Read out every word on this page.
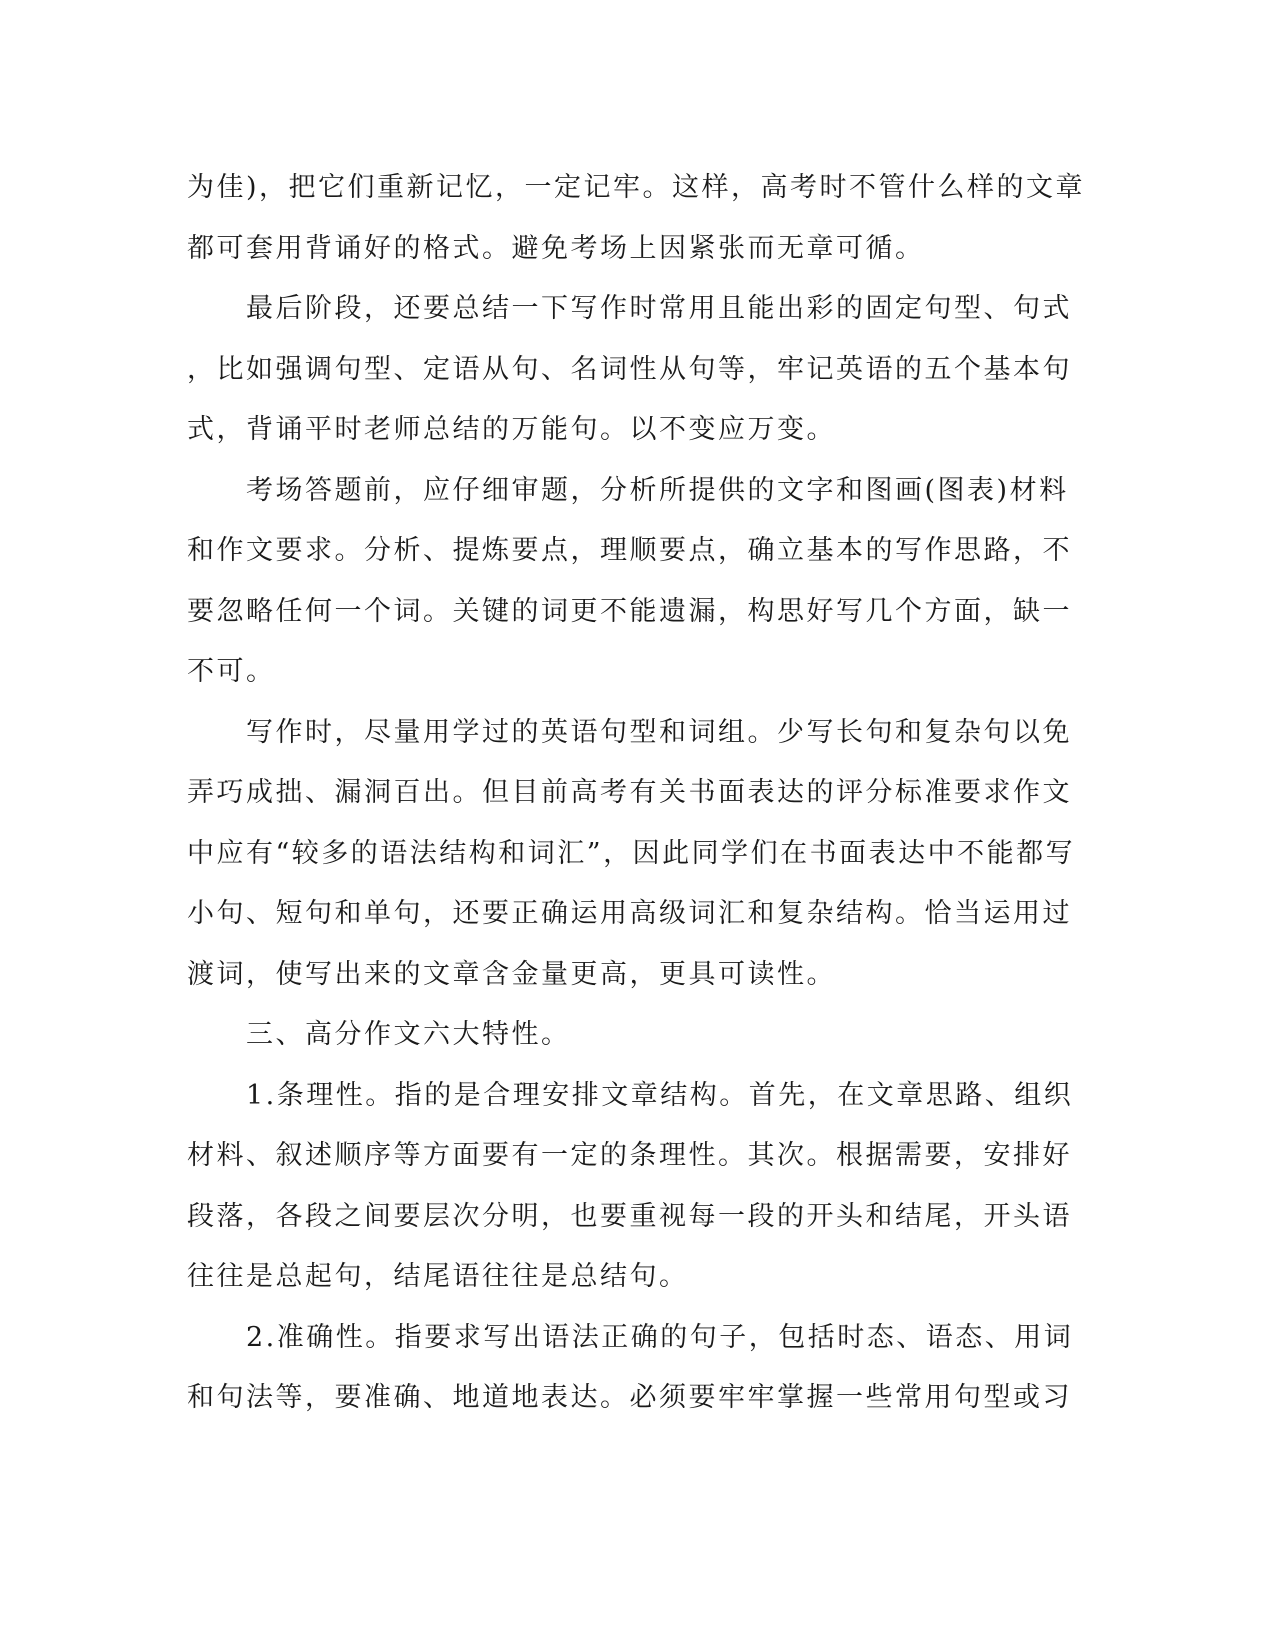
为佳)，把它们重新记忆，一定记牢。这样，高考时不管什么样的文章
都可套用背诵好的格式。避免考场上因紧张而无章可循。
　　最后阶段，还要总结一下写作时常用且能出彩的固定句型、句式
，比如强调句型、定语从句、名词性从句等，牢记英语的五个基本句
式，背诵平时老师总结的万能句。以不变应万变。
　　考场答题前，应仔细审题，分析所提供的文字和图画(图表)材料
和作文要求。分析、提炼要点，理顺要点，确立基本的写作思路，不
要忽略任何一个词。关键的词更不能遗漏，构思好写几个方面，缺一
不可。
　　写作时，尽量用学过的英语句型和词组。少写长句和复杂句以免
弄巧成拙、漏洞百出。但目前高考有关书面表达的评分标准要求作文
中应有“较多的语法结构和词汇”，因此同学们在书面表达中不能都写
小句、短句和单句，还要正确运用高级词汇和复杂结构。恰当运用过
渡词，使写出来的文章含金量更高，更具可读性。
　　三、高分作文六大特性。
　　1.条理性。指的是合理安排文章结构。首先，在文章思路、组织
材料、叙述顺序等方面要有一定的条理性。其次。根据需要，安排好
段落，各段之间要层次分明，也要重视每一段的开头和结尾，开头语
往往是总起句，结尾语往往是总结句。
　　2.准确性。指要求写出语法正确的句子，包括时态、语态、用词
和句法等，要准确、地道地表达。必须要牢牢掌握一些常用句型或习
